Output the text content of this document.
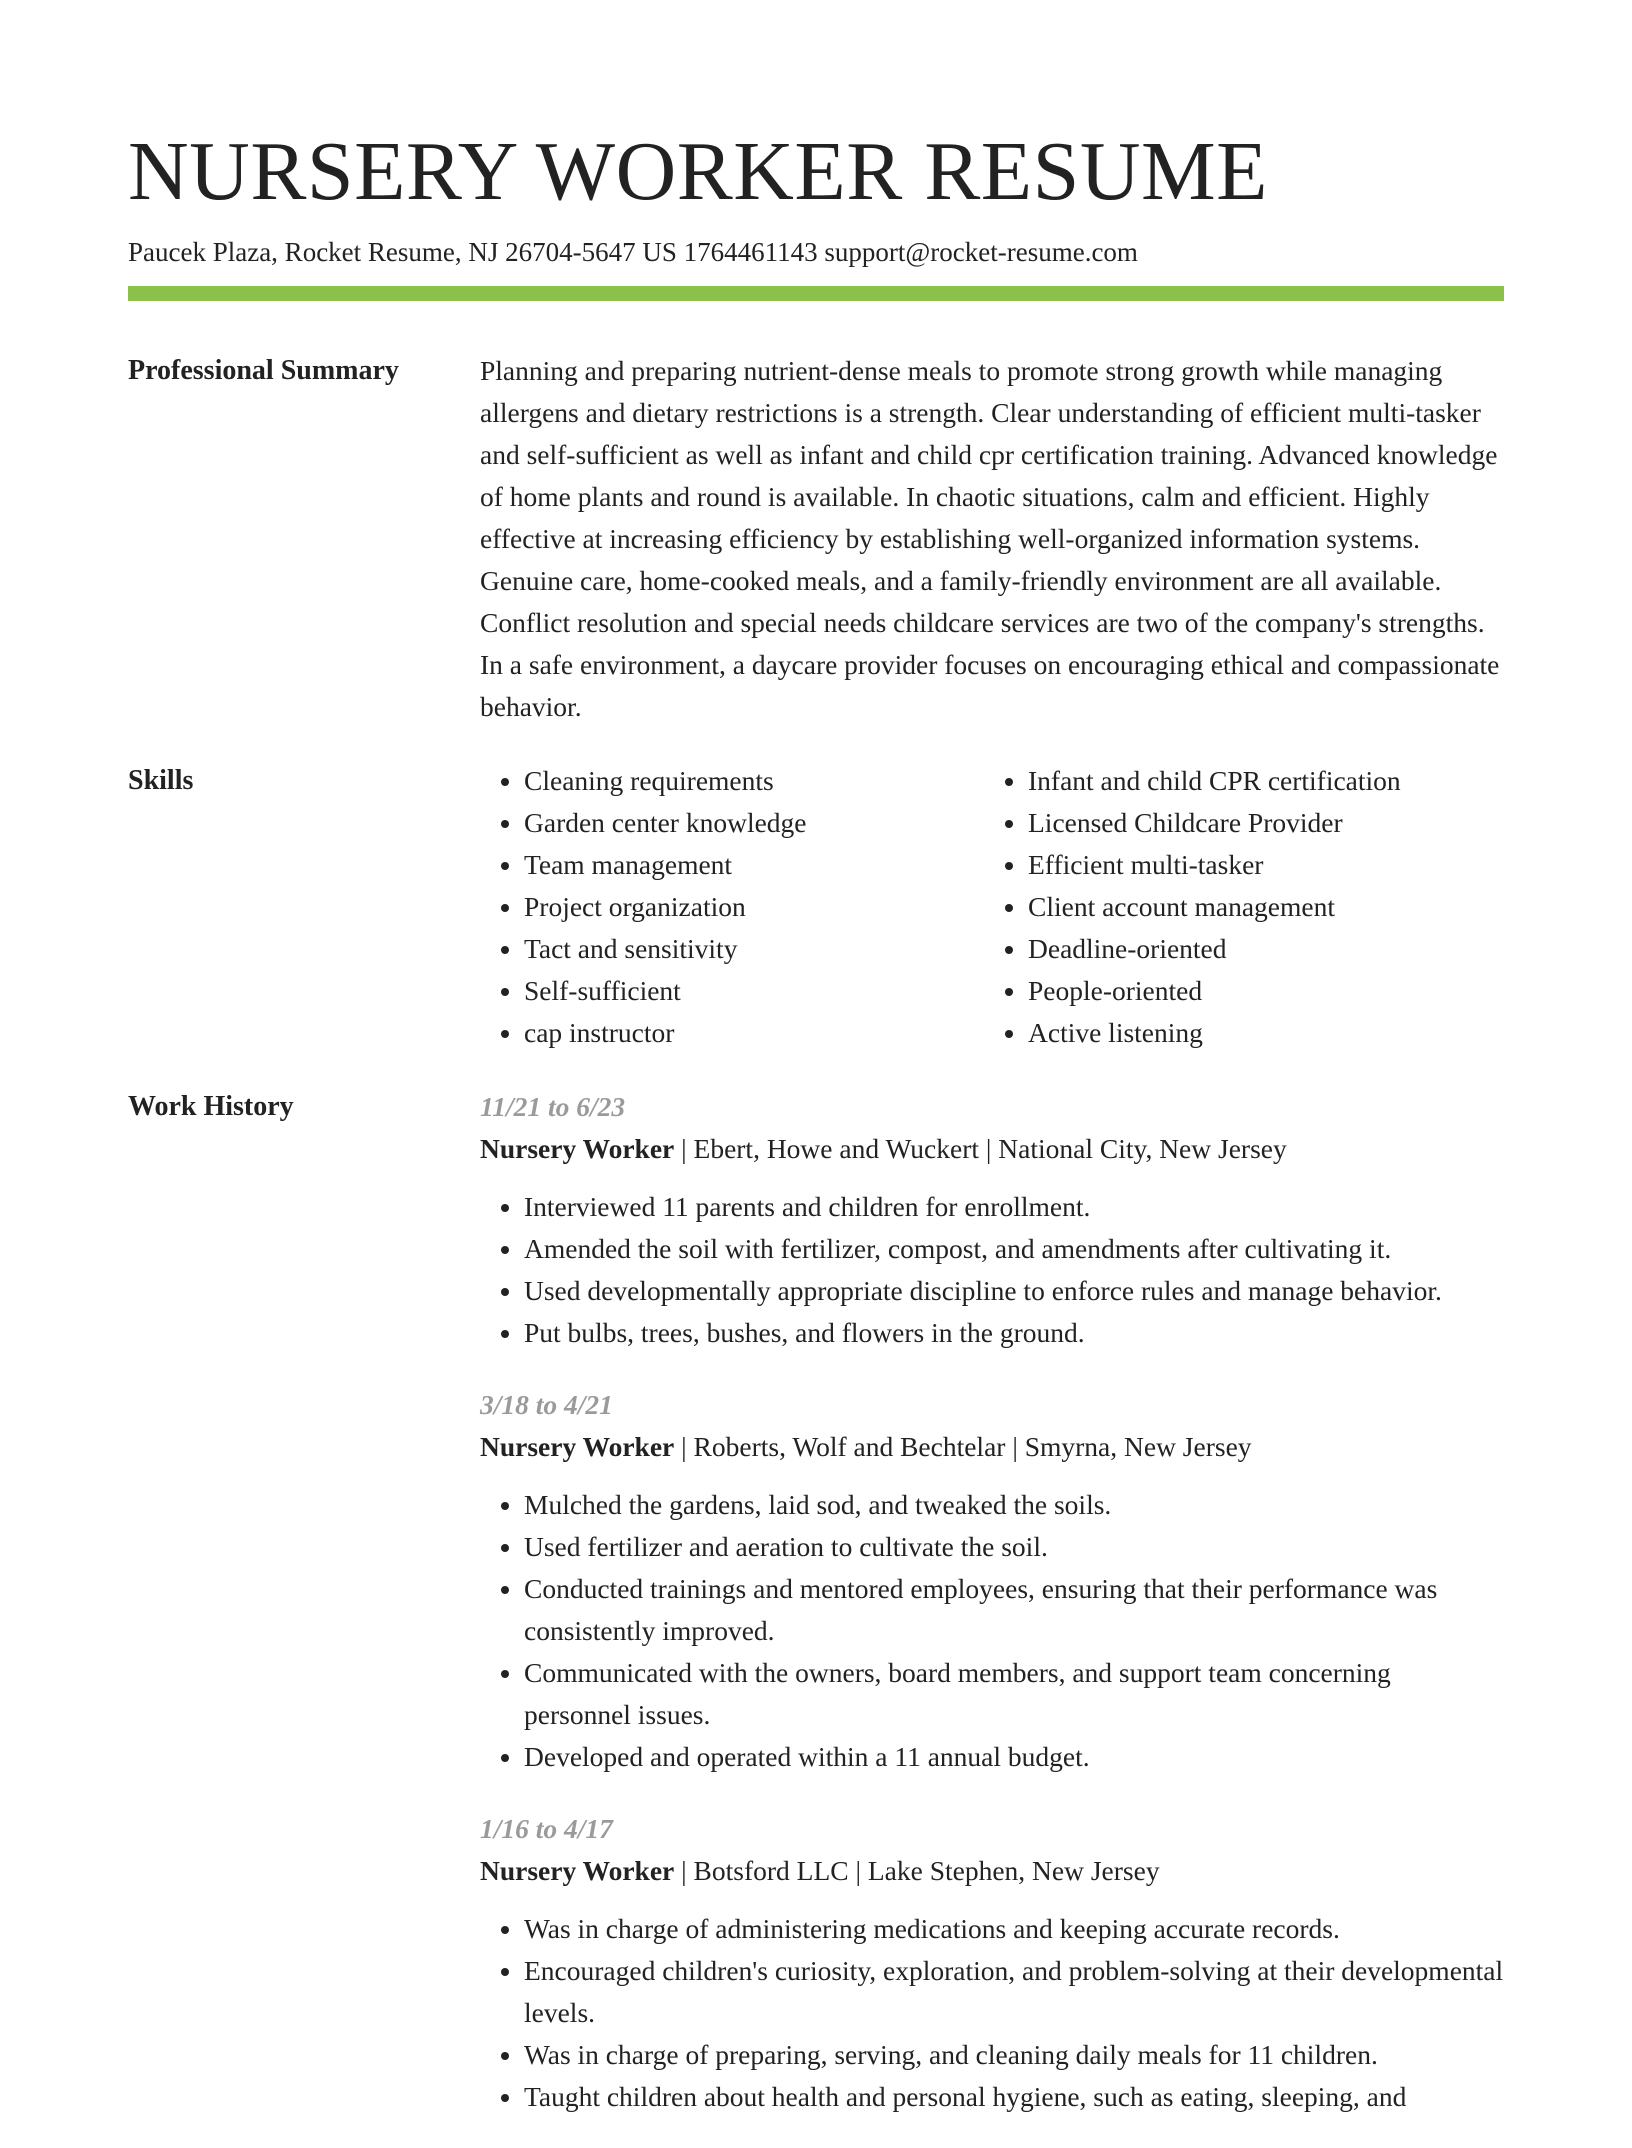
NURSERY WORKER RESUME
Paucek Plaza, Rocket Resume, NJ 26704-5647 US 1764461143 support@rocket-resume.com
Professional Summary	Planning and preparing nutrient-dense meals to promote strong growth while managing allergens and dietary restrictions is a strength. Clear understanding of efficient multi-tasker and self-sufficient as well as infant and child cpr certification training. Advanced knowledge of home plants and round is available. In chaotic situations, calm and efficient. Highly effective at increasing efficiency by establishing well-organized information systems. Genuine care, home-cooked meals, and a family-friendly environment are all available. Conflict resolution and special needs childcare services are two of the company's strengths. In a safe environment, a daycare provider focuses on encouraging ethical and compassionate behavior.

Skills
•	Cleaning requirements
• Garden center knowledge
• Team management
• Project organization
• Tact and sensitivity
• Self-sufficient
• cap instructor
• Infant and child CPR certification
• Licensed Childcare Provider
• Efficient multi-tasker
• Client account management
• Deadline-oriented
• People-oriented
• Active listening
Work History	11/21 to 6/23
Nursery Worker | Ebert, Howe and Wuckert | National City, New Jersey
• Interviewed 11 parents and children for enrollment.
• Amended the soil with fertilizer, compost, and amendments after cultivating it.
• Used developmentally appropriate discipline to enforce rules and manage behavior.
• Put bulbs, trees, bushes, and flowers in the ground.
3/18 to 4/21
Nursery Worker | Roberts, Wolf and Bechtelar | Smyrna, New Jersey
• Mulched the gardens, laid sod, and tweaked the soils.
• Used fertilizer and aeration to cultivate the soil.
• Conducted trainings and mentored employees, ensuring that their performance was consistently improved.
• Communicated with the owners, board members, and support team concerning personnel issues.
• Developed and operated within a 11 annual budget.
1/16 to 4/17
Nursery Worker | Botsford LLC | Lake Stephen, New Jersey
• Was in charge of administering medications and keeping accurate records.
• Encouraged children's curiosity, exploration, and problem-solving at their developmental levels.
• Was in charge of preparing, serving, and cleaning daily meals for 11 children.
• Taught children about health and personal hygiene, such as eating, sleeping, and
